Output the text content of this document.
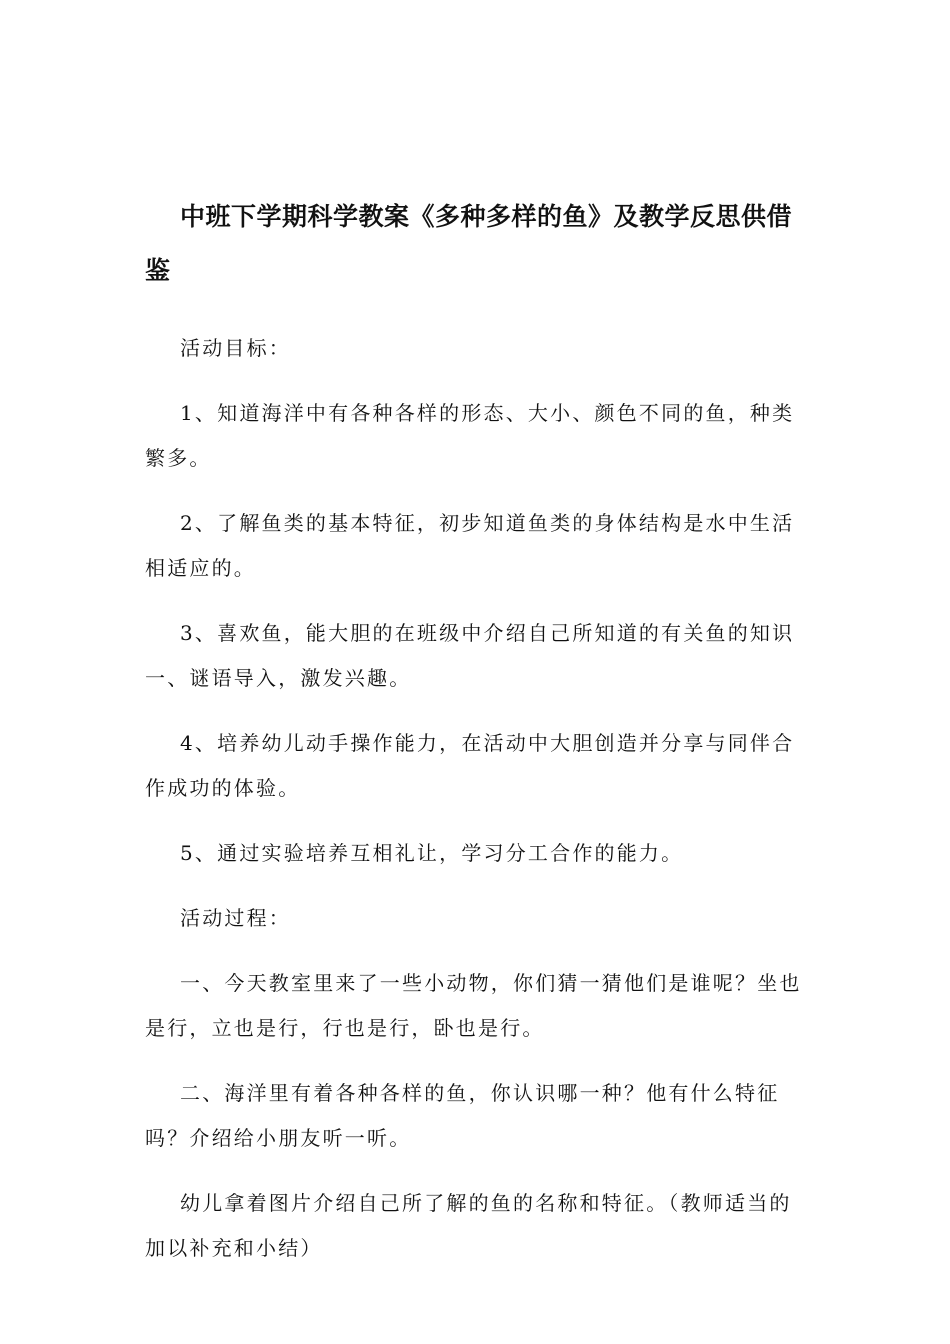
中班下学期科学教案《多种多样的鱼》及教学反思供借鉴

活动目标：

1、知道海洋中有各种各样的形态、大小、颜色不同的鱼，种类繁多。

2、了解鱼类的基本特征，初步知道鱼类的身体结构是水中生活相适应的。

3、喜欢鱼，能大胆的在班级中介绍自己所知道的有关鱼的知识一、谜语导入，激发兴趣。

4、培养幼儿动手操作能力，在活动中大胆创造并分享与同伴合作成功的体验。

5、通过实验培养互相礼让，学习分工合作的能力。

活动过程：

一、今天教室里来了一些小动物，你们猜一猜他们是谁呢？坐也是行，立也是行，行也是行，卧也是行。

二、海洋里有着各种各样的鱼，你认识哪一种？他有什么特征吗？介绍给小朋友听一听。

幼儿拿着图片介绍自己所了解的鱼的名称和特征。（教师适当的加以补充和小结）
